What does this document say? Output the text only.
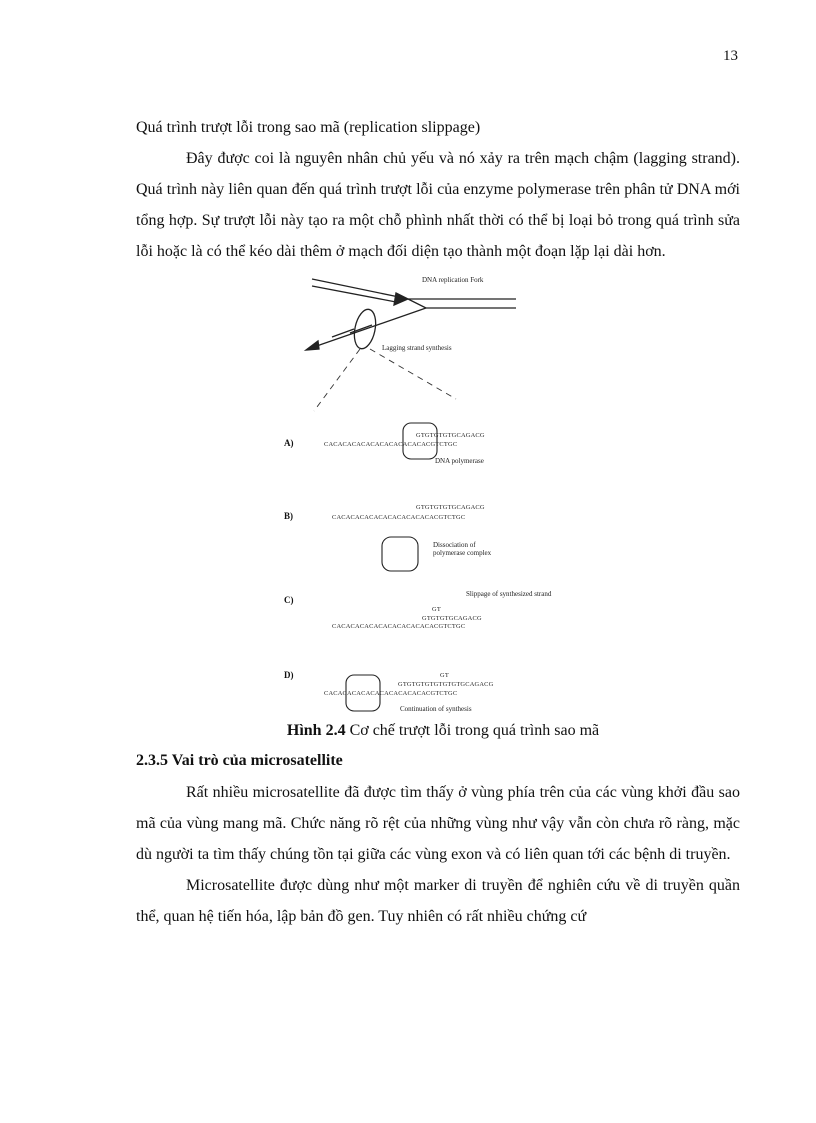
13

Quá trình trượt lỗi trong sao mã (replication slippage)

Đây được coi là nguyên nhân chủ yếu và nó xảy ra trên mạch chậm (lagging strand). Quá trình này liên quan đến quá trình trượt lỗi của enzyme polymerase trên phân tử DNA mới tổng hợp. Sự trượt lỗi này tạo ra một chỗ phình nhất thời có thể bị loại bỏ trong quá trình sửa lỗi hoặc là có thể kéo dài thêm ở mạch đối diện tạo thành một đoạn lặp lại dài hơn.

DNA replication Fork
Lagging strand synthesis
A)
GTGTGTGTGCAGACG
CACACACACACACACACACACACGTCTGC
DNA polymerase
B)
GTGTGTGTGCAGACG
CACACACACACACACACACACACGTCTGC
Dissociation of
polymerase complex
C)
Slippage of synthesized strand
GT
GTGTGTGCAGACG
CACACACACACACACACACACACGTCTGC
D)	GT
GTGTGTGTGTGTGTGCAGACG
CACACACACACACACACACACACGTCTGC
Continuation of synthesis

Hình 2.4 Cơ chế trượt lỗi trong quá trình sao mã

2.3.5 Vai trò của microsatellite

Rất nhiều microsatellite đã được tìm thấy ở vùng phía trên của các vùng khởi đầu sao mã của vùng mang mã. Chức năng rõ rệt của những vùng như vậy vẫn còn chưa rõ ràng, mặc dù người ta tìm thấy chúng tồn tại giữa các vùng exon và có liên quan tới các bệnh di truyền.

Microsatellite được dùng như một marker di truyền để nghiên cứu về di truyền quần thể, quan hệ tiến hóa, lập bản đồ gen. Tuy nhiên có rất nhiều chứng cứ
